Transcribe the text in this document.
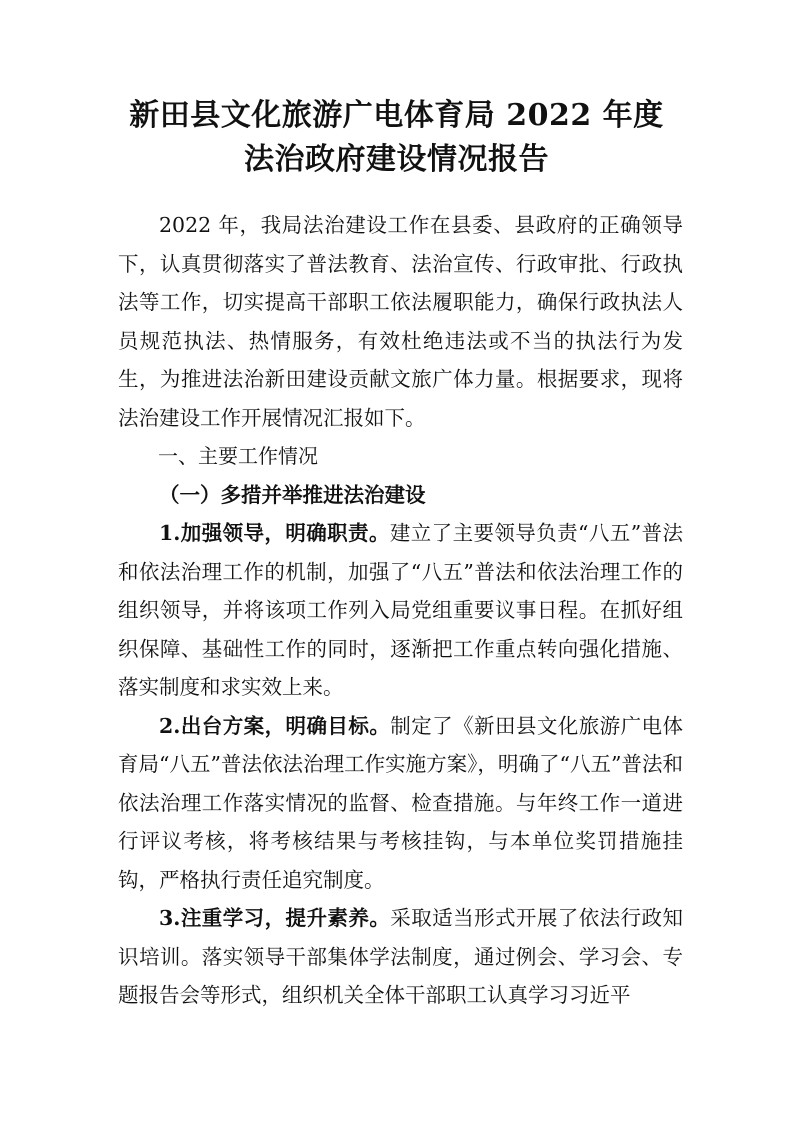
新田县文化旅游广电体育局 2022 年度
法治政府建设情况报告

2022 年，我局法治建设工作在县委、县政府的正确领导下，认真贯彻落实了普法教育、法治宣传、行政审批、行政执法等工作，切实提高干部职工依法履职能力，确保行政执法人员规范执法、热情服务，有效杜绝违法或不当的执法行为发生，为推进法治新田建设贡献文旅广体力量。根据要求，现将法治建设工作开展情况汇报如下。

一、主要工作情况

（一）多措并举推进法治建设

1.加强领导，明确职责。建立了主要领导负责“八五”普法和依法治理工作的机制，加强了“八五”普法和依法治理工作的组织领导，并将该项工作列入局党组重要议事日程。在抓好组织保障、基础性工作的同时，逐渐把工作重点转向强化措施、落实制度和求实效上来。

2.出台方案，明确目标。制定了《新田县文化旅游广电体育局“八五”普法依法治理工作实施方案》，明确了“八五”普法和依法治理工作落实情况的监督、检查措施。与年终工作一道进行评议考核，将考核结果与考核挂钩，与本单位奖罚措施挂钩，严格执行责任追究制度。

3.注重学习，提升素养。采取适当形式开展了依法行政知识培训。落实领导干部集体学法制度，通过例会、学习会、专题报告会等形式，组织机关全体干部职工认真学习习近平
